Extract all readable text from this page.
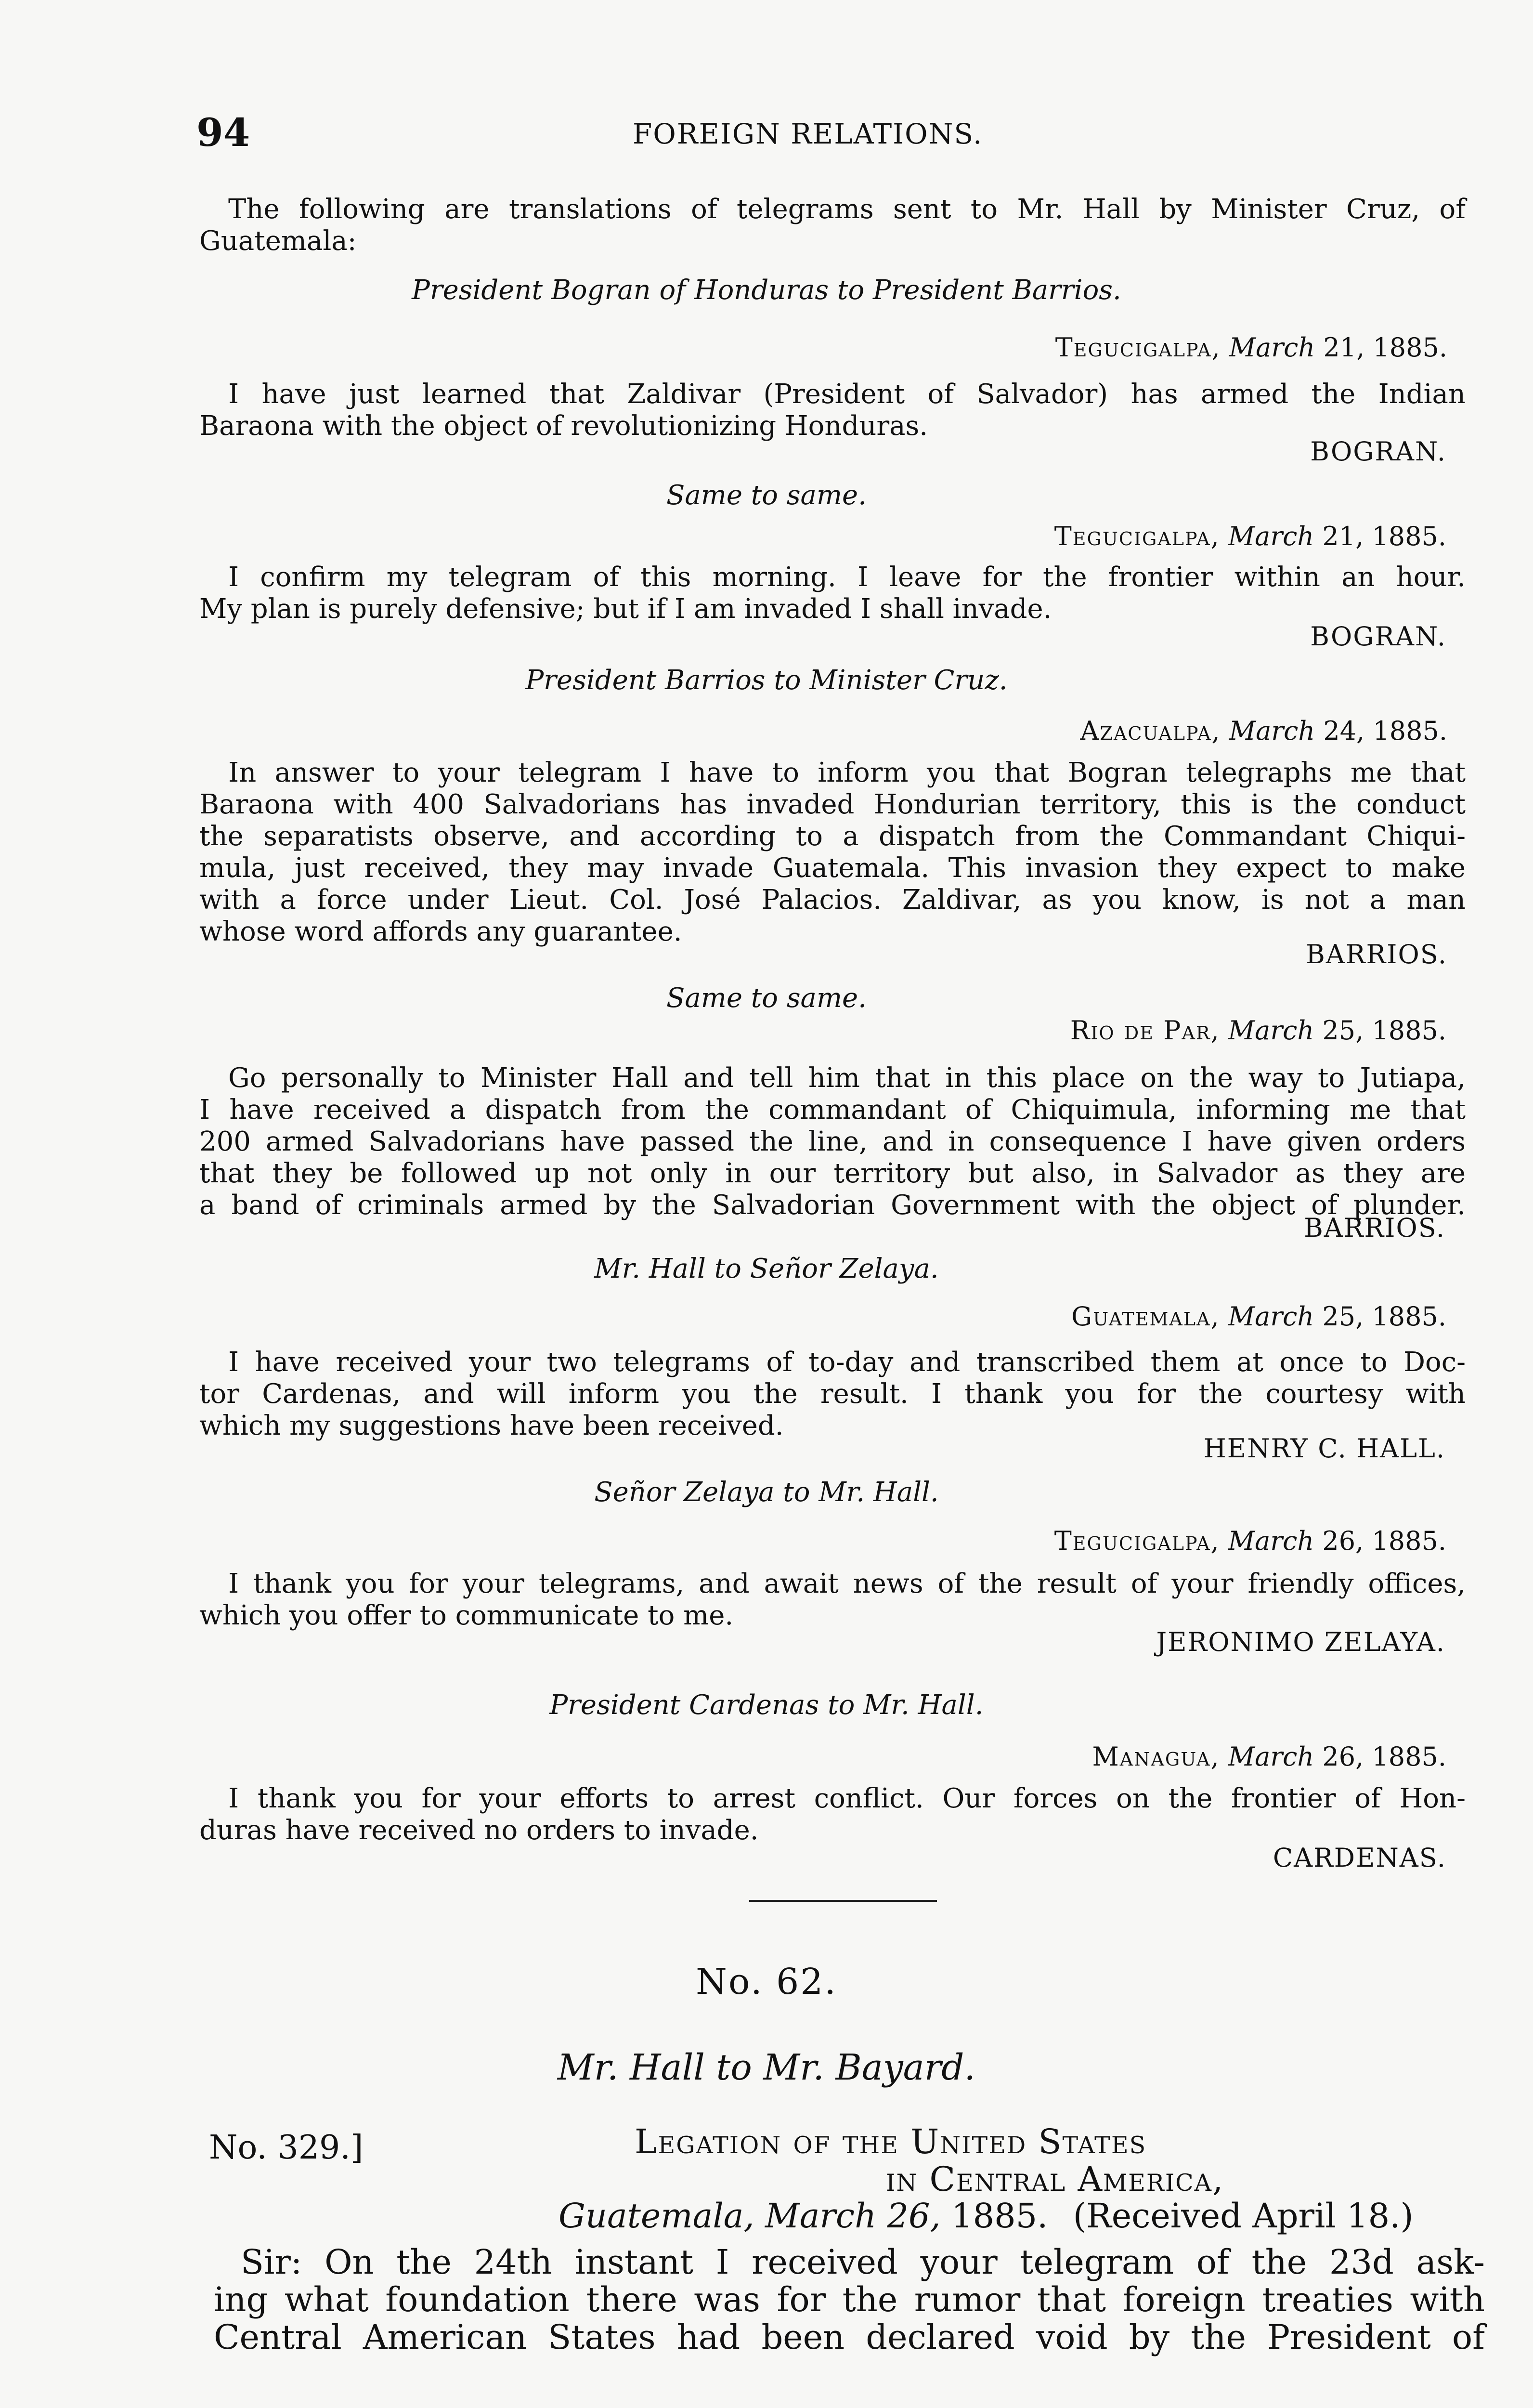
94	FOREIGN RELATIONS.
The following are translations of telegrams sent to Mr. Hall by Minister Cruz, of
Guatemala:
President Bogran of Honduras to President Barrios.
Tegucigalpa, March 21, 1885.
I have just learned that Zaldivar (President of Salvador) has armed the Indian
Baraona with the object of revolutionizing Honduras.
BOGRAN.
Same to same.
Tegucigalpa, March 21, 1885.
I confirm my telegram of this morning. I leave for the frontier within an hour.
My plan is purely defensive; but if I am invaded I shall invade.
BOGRAN.
President Barrios to Minister Cruz.
Azacualpa, March 24, 1885.
In answer to your telegram I have to inform you that Bogran telegraphs me that
Baraona with 400 Salvadorians has invaded Hondurian territory, this is the conduct
the separatists observe, and according to a dispatch from the Commandant Chiqui-
mula, just received, they may invade Guatemala. This invasion they expect to make
with a force under Lieut. Col. José Palacios. Zaldivar, as you know, is not a man
whose word affords any guarantee.
BARRIOS.
Same to same.
Rio de Par, March 25, 1885.
Go personally to Minister Hall and tell him that in this place on the way to Jutiapa,
I have received a dispatch from the commandant of Chiquimula, informing me that
200 armed Salvadorians have passed the line, and in consequence I have given orders
that they be followed up not only in our territory but also, in Salvador as they are
a band of criminals armed by the Salvadorian Government with the object of plunder.
BARRIOS.
Mr. Hall to Señor Zelaya.
Guatemala, March 25, 1885.
I have received your two telegrams of to-day and transcribed them at once to Doc-
tor Cardenas, and will inform you the result. I thank you for the courtesy with
which my suggestions have been received.
HENRY C. HALL.
Señor Zelaya to Mr. Hall.
Tegucigalpa, March 26, 1885.
I thank you for your telegrams, and await news of the result of your friendly offices,
which you offer to communicate to me.
JERONIMO ZELAYA.
President Cardenas to Mr. Hall.
Managua, March 26, 1885.
I thank you for your efforts to arrest conflict. Our forces on the frontier of Hon-
duras have received no orders to invade.
CARDENAS.
No. 62.
Mr. Hall to Mr. Bayard.
No. 329.]	Legation of the United States
in Central America,
Guatemala, March 26, 1885. (Received April 18.)
Sir: On the 24th instant I received your telegram of the 23d ask-
ing what foundation there was for the rumor that foreign treaties with
Central American States had been declared void by the President of
